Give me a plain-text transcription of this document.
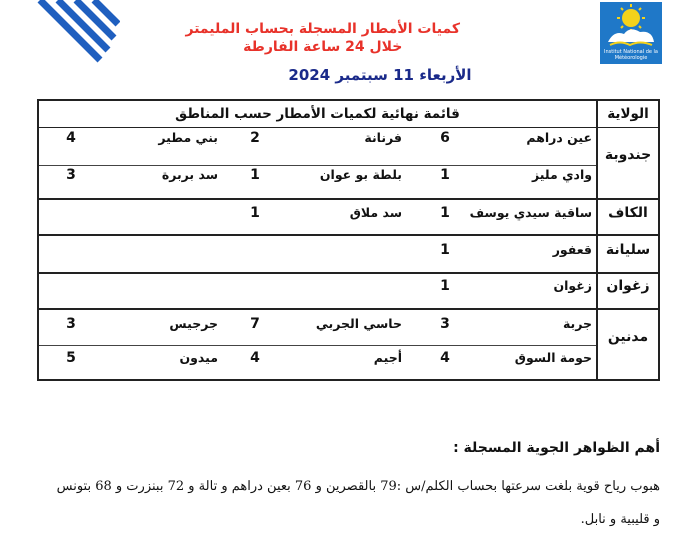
Institut National de la Météorologie
كميات الأمطار المسجلة بحساب المليمتر
خلال 24 ساعة الفارطة
الأربعاء 11 سبتمبر 2024
قائمة نهائية لكميات الأمطار حسب المناطق	الولاية
جندوبة
الكاف
سليانة
زغوان
مدنين
عين دراهم
6
فرنانة
2
بني مطير
4
وادي مليز
1
بلطة بو عوان
1
سد بربرة
3
ساقية سيدي يوسف
1
سد ملاق
1
قعفور
1
زغوان
1
جربة
3
حاسي الجربي
7
جرجيس
3
حومة السوق
4
أجيم
4
ميدون
5
أهم الظواهر الجوية المسجلة :
هبوب رياح قوية بلغت سرعتها بحساب الكلم/س :79 بالقصرين و 76 بعين دراهم و تالة و 72 ببنزرت و 68 بتونس
و قليبية و نابل.
